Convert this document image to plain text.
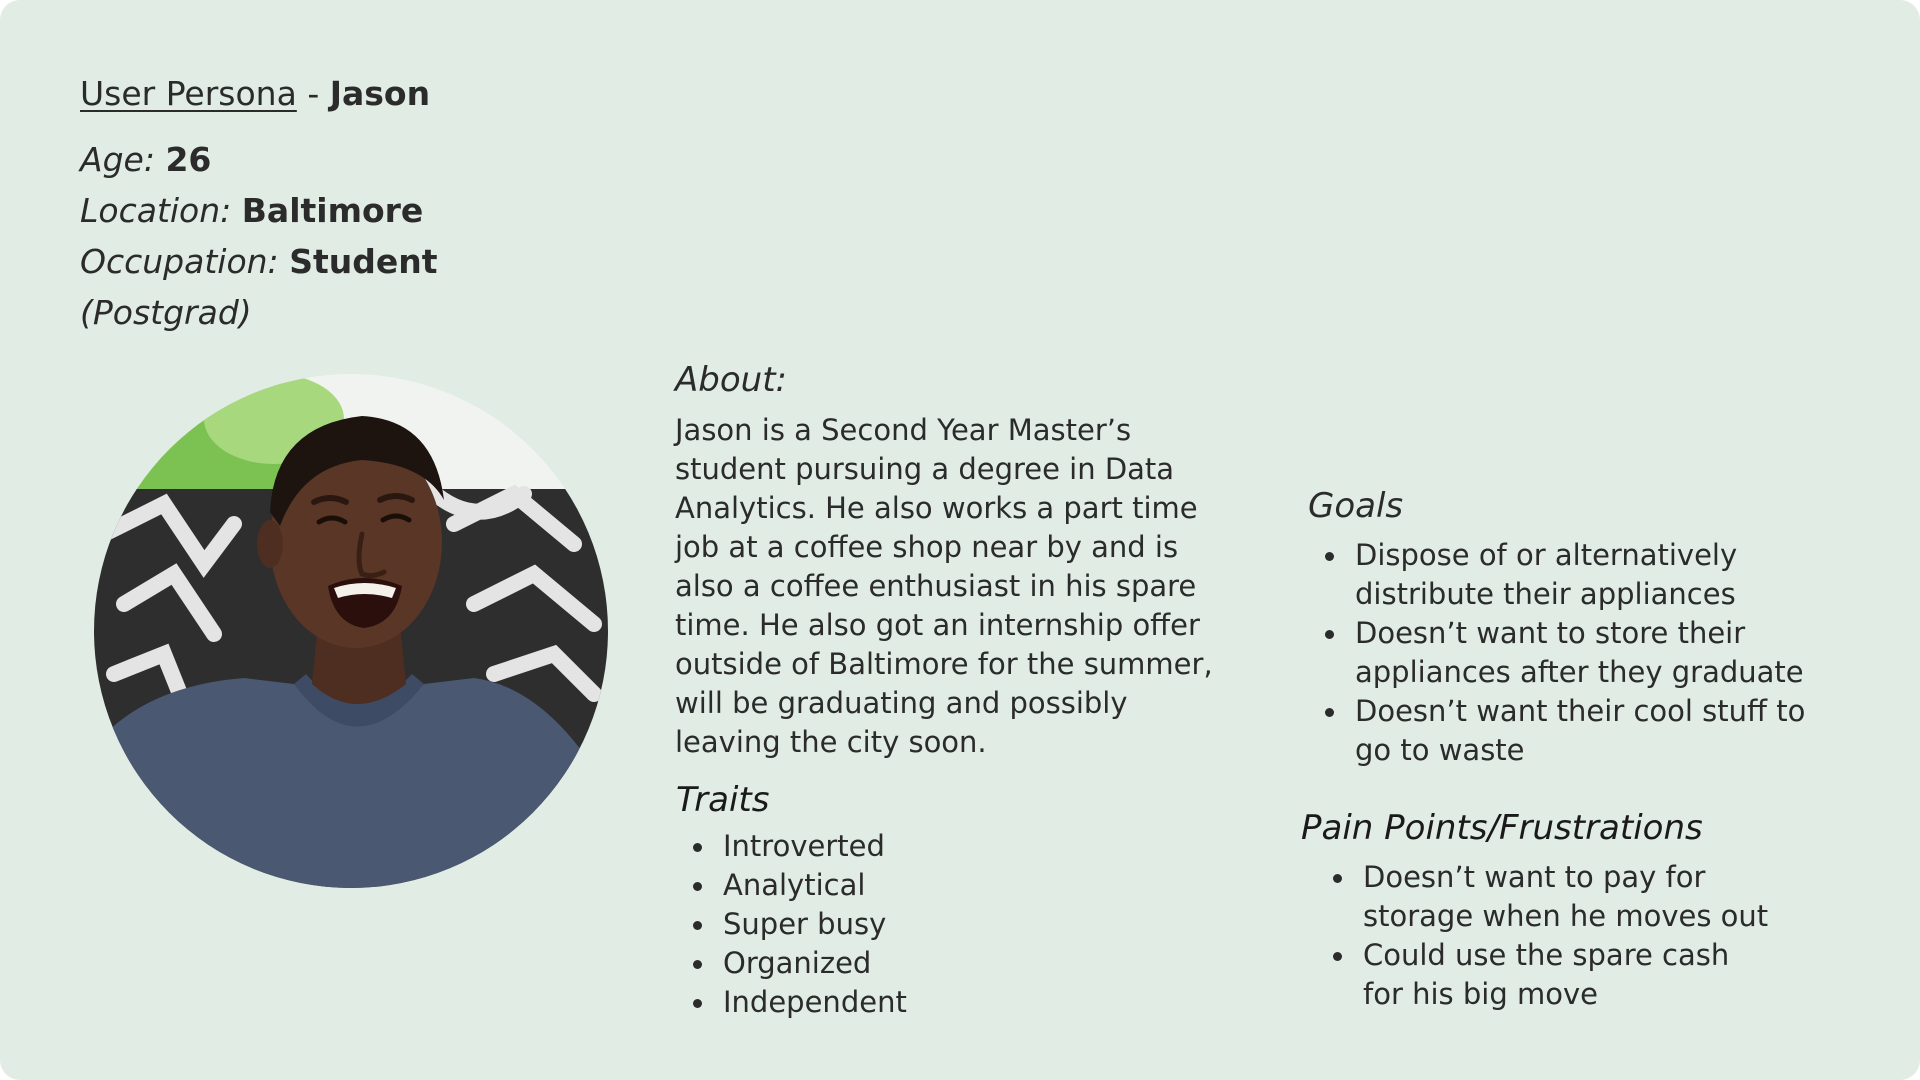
User Persona - Jason
Age: 26
Location: Baltimore
Occupation: Student
(Postgrad)
About:
Jason is a Second Year Master’s
student pursuing a degree in Data
Analytics. He also works a part time
job at a coffee shop near by and is
also a coffee enthusiast in his spare
time. He also got an internship offer
outside of Baltimore for the summer,
will be graduating and possibly
leaving the city soon.
Traits
Introverted
Analytical
Super busy
Organized
Independent
Goals
Dispose of or alternatively
distribute their appliances
Doesn’t want to store their
appliances after they graduate
Doesn’t want their cool stuff to
go to waste
Pain Points/Frustrations
Doesn’t want to pay for
storage when he moves out
Could use the spare cash
for his big move
